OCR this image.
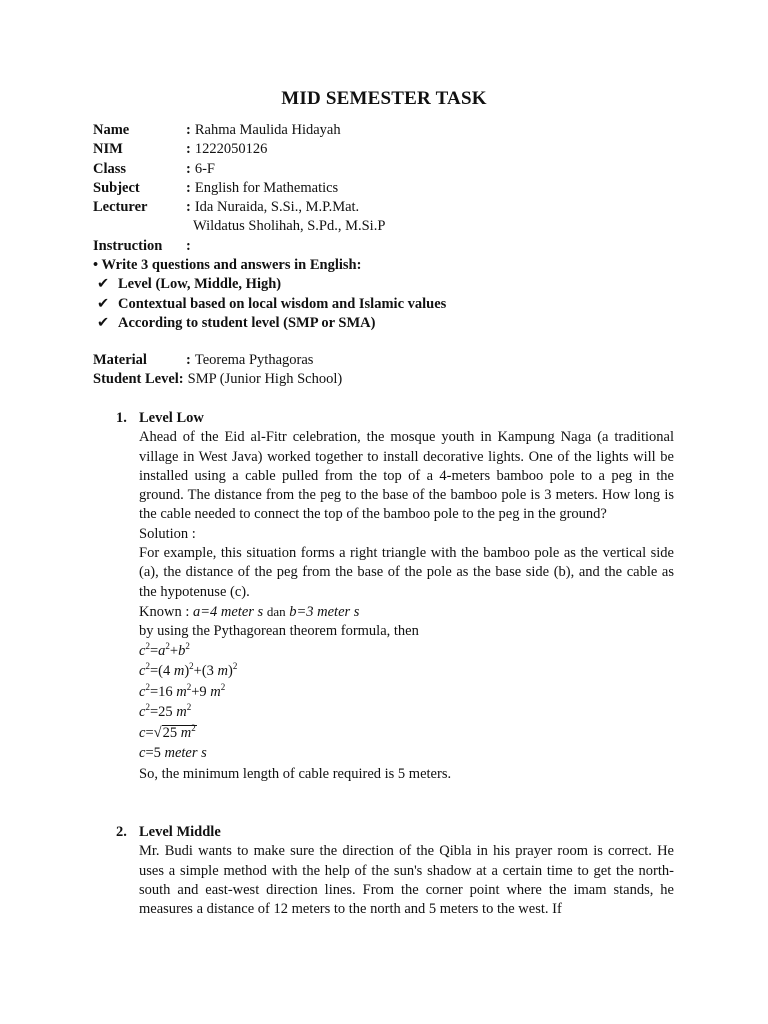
MID SEMESTER TASK
Name	: Rahma Maulida Hidayah
NIM	: 1222050126
Class	: 6-F
Subject	: English for Mathematics
Lecturer	: Ida Nuraida, S.Si., M.P.Mat.
Wildatus Sholihah, S.Pd., M.Si.P
Instruction	:
• Write 3 questions and answers in English:
✔ Level (Low, Middle, High)
✔ Contextual based on local wisdom and Islamic values
✔ According to student level (SMP or SMA)
Material	: Teorema Pythagoras
Student Level : SMP (Junior High School)
1. Level Low
Ahead of the Eid al-Fitr celebration, the mosque youth in Kampung Naga (a traditional village in West Java) worked together to install decorative lights. One of the lights will be installed using a cable pulled from the top of a 4-meters bamboo pole to a peg in the ground. The distance from the peg to the base of the bamboo pole is 3 meters. How long is the cable needed to connect the top of the bamboo pole to the peg in the ground?
Solution :
For example, this situation forms a right triangle with the bamboo pole as the vertical side (a), the distance of the peg from the base of the pole as the base side (b), and the cable as the hypotenuse (c).
Known : a=4 meter s dan b=3 meter s
by using the Pythagorean theorem formula, then
$c^2=a^2+b^2$
$c^2=(4$ m)$^2$+(3 m)$^2$
$c^2=16$ $m^2+9$ $m^2$
$c^2=25$ $m^2$
c=√25 $m^2$
c=5 meter s
So, the minimum length of cable required is 5 meters.
2. Level Middle
Mr. Budi wants to make sure the direction of the Qibla in his prayer room is correct. He uses a simple method with the help of the sun's shadow at a certain time to get the north-south and east-west direction lines. From the corner point where the imam stands, he measures a distance of 12 meters to the north and 5 meters to the west. If
